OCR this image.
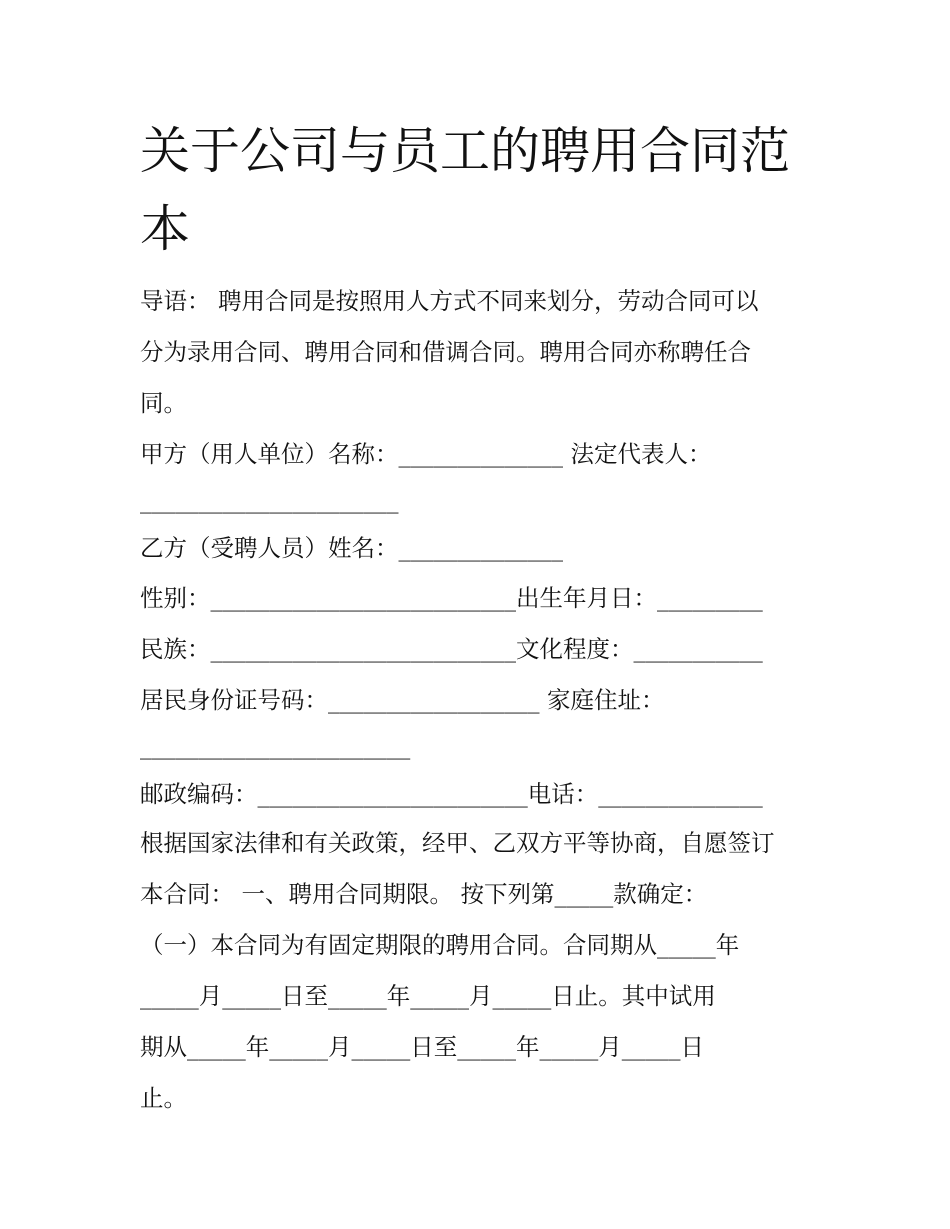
关于公司与员工的聘用合同范本
导语： 聘用合同是按照用人方式不同来划分，劳动合同可以
分为录用合同、聘用合同和借调合同。聘用合同亦称聘任合
同。
甲方（用人单位）名称：______________ 法定代表人：
______________________
乙方（受聘人员）姓名：______________
性别：__________________________出生年月日：_________
民族：__________________________文化程度：___________
居民身份证号码：__________________ 家庭住址：
_______________________
邮政编码：_______________________电话：______________
根据国家法律和有关政策，经甲、乙双方平等协商，自愿签订
本合同： 一、聘用合同期限。 按下列第_____款确定：
（一）本合同为有固定期限的聘用合同。合同期从_____年
_____月_____日至_____年_____月_____日止。其中试用
期从_____年_____月_____日至_____年_____月_____日
止。
